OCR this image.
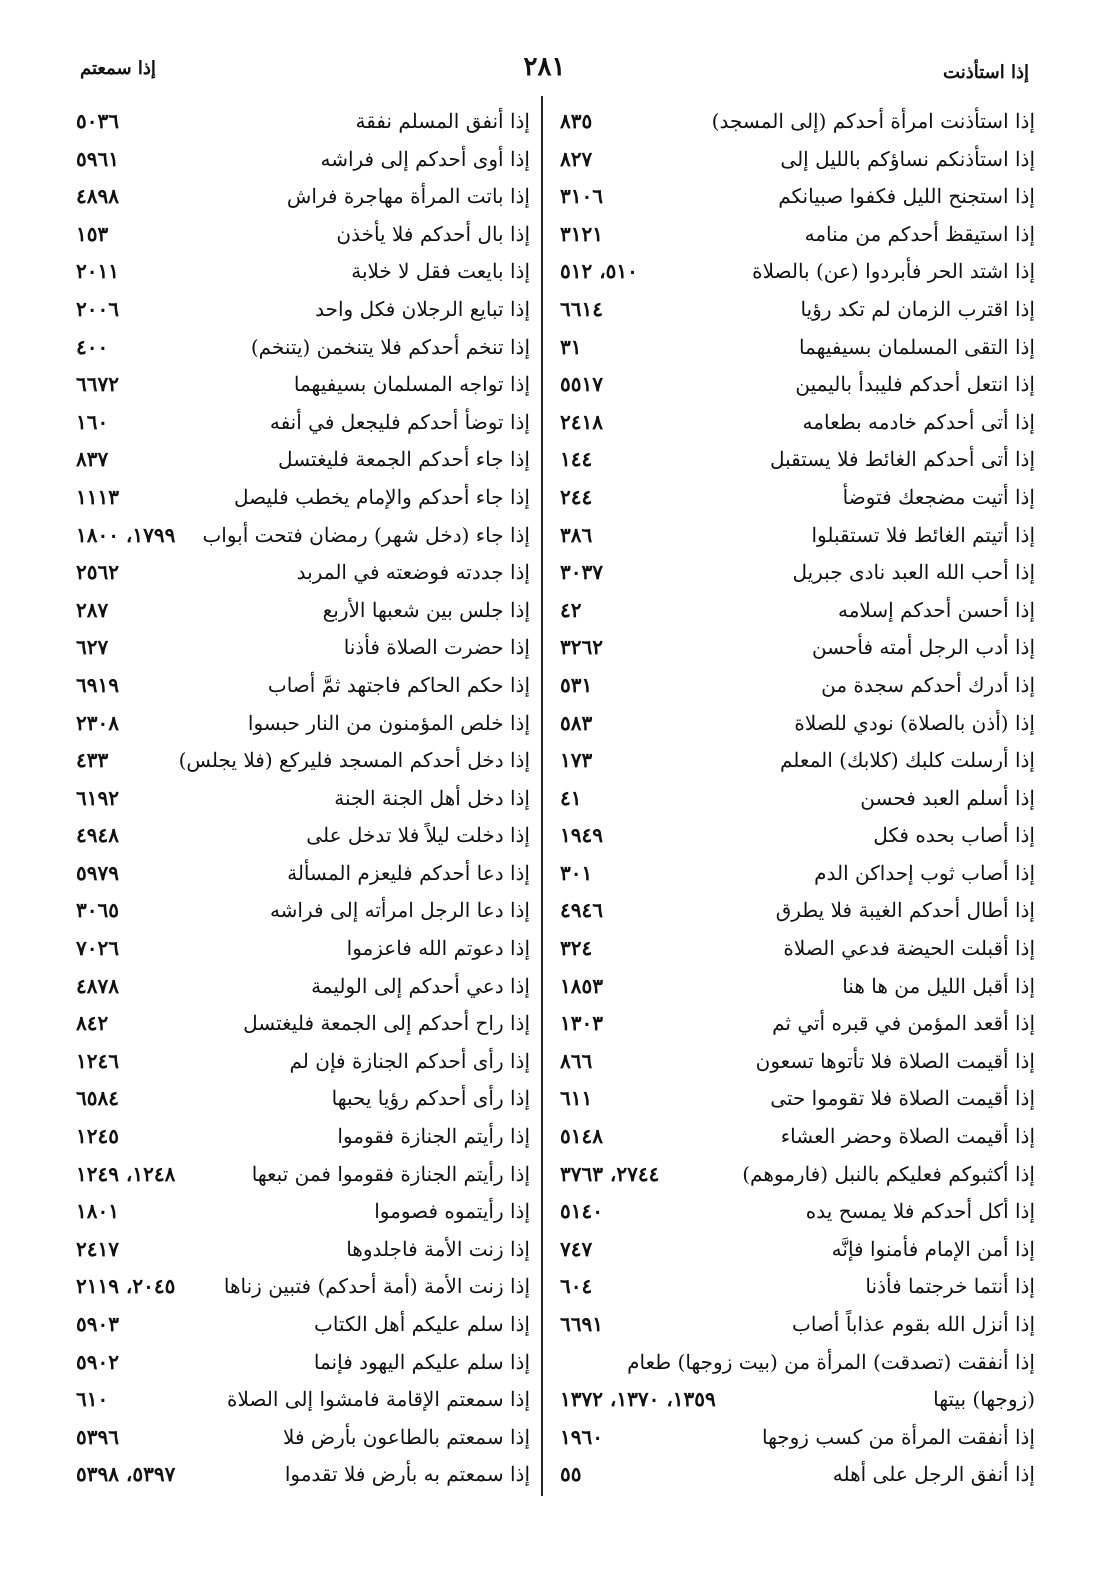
إذا استأذنت
٢٨١
إذا سمعتم
إذا استأذنت امرأة أحدكم (إلى المسجد)
٨٣٥
إذا استأذنكم نساؤكم بالليل إلى
٨٢٧
إذا استجنح الليل فكفوا صبيانكم
٣١٠٦
إذا استيقظ أحدكم من منامه
٣١٢١
إذا اشتد الحر فأبردوا (عن) بالصلاة
٥١٠، ٥١٢
إذا اقترب الزمان لم تكد رؤيا
٦٦١٤
إذا التقى المسلمان بسيفيهما
٣١
إذا انتعل أحدكم فليبدأ باليمين
٥٥١٧
إذا أتى أحدكم خادمه بطعامه
٢٤١٨
إذا أتى أحدكم الغائط فلا يستقبل
١٤٤
إذا أتيت مضجعك فتوضأ
٢٤٤
إذا أتيتم الغائط فلا تستقبلوا
٣٨٦
إذا أحب الله العبد نادى جبريل
٣٠٣٧
إذا أحسن أحدكم إسلامه
٤٢
إذا أدب الرجل أمته فأحسن
٣٢٦٢
إذا أدرك أحدكم سجدة من
٥٣١
إذا (أذن بالصلاة) نودي للصلاة
٥٨٣
إذا أرسلت كلبك (كلابك) المعلم
١٧٣
إذا أسلم العبد فحسن
٤١
إذا أصاب بحده فكل
١٩٤٩
إذا أصاب ثوب إحداكن الدم
٣٠١
إذا أطال أحدكم الغيبة فلا يطرق
٤٩٤٦
إذا أقبلت الحيضة فدعي الصلاة
٣٢٤
إذا أقبل الليل من ها هنا
١٨٥٣
إذا أقعد المؤمن في قبره أتي ثم
١٣٠٣
إذا أقيمت الصلاة فلا تأتوها تسعون
٨٦٦
إذا أقيمت الصلاة فلا تقوموا حتى
٦١١
إذا أقيمت الصلاة وحضر العشاء
٥١٤٨
إذا أكثبوكم فعليكم بالنبل (فارموهم)
٢٧٤٤، ٣٧٦٣
إذا أكل أحدكم فلا يمسح يده
٥١٤٠
إذا أمن الإمام فأمنوا فإنَّه
٧٤٧
إذا أنتما خرجتما فأذنا
٦٠٤
إذا أنزل الله بقوم عذاباً أصاب
٦٦٩١
إذا أنفقت (تصدقت) المرأة من (بيت زوجها) طعام
(زوجها) بيتها
١٣٥٩، ١٣٧٠، ١٣٧٢
إذا أنفقت المرأة من كسب زوجها
١٩٦٠
إذا أنفق الرجل على أهله
٥٥
إذا أنفق المسلم نفقة
٥٠٣٦
إذا أوى أحدكم إلى فراشه
٥٩٦١
إذا باتت المرأة مهاجرة فراش
٤٨٩٨
إذا بال أحدكم فلا يأخذن
١٥٣
إذا بايعت فقل لا خلابة
٢٠١١
إذا تبايع الرجلان فكل واحد
٢٠٠٦
إذا تنخم أحدكم فلا يتنخمن (يتنخم)
٤٠٠
إذا تواجه المسلمان بسيفيهما
٦٦٧٢
إذا توضأ أحدكم فليجعل في أنفه
١٦٠
إذا جاء أحدكم الجمعة فليغتسل
٨٣٧
إذا جاء أحدكم والإمام يخطب فليصل
١١١٣
إذا جاء (دخل شهر) رمضان فتحت أبواب
١٧٩٩، ١٨٠٠
إذا جددته فوضعته في المربد
٢٥٦٢
إذا جلس بين شعبها الأربع
٢٨٧
إذا حضرت الصلاة فأذنا
٦٢٧
إذا حكم الحاكم فاجتهد ثمَّ أصاب
٦٩١٩
إذا خلص المؤمنون من النار حبسوا
٢٣٠٨
إذا دخل أحدكم المسجد فليركع (فلا يجلس)
٤٣٣
إذا دخل أهل الجنة الجنة
٦١٩٢
إذا دخلت ليلاً فلا تدخل على
٤٩٤٨
إذا دعا أحدكم فليعزم المسألة
٥٩٧٩
إذا دعا الرجل امرأته إلى فراشه
٣٠٦٥
إذا دعوتم الله فاعزموا
٧٠٢٦
إذا دعي أحدكم إلى الوليمة
٤٨٧٨
إذا راح أحدكم إلى الجمعة فليغتسل
٨٤٢
إذا رأى أحدكم الجنازة فإن لم
١٢٤٦
إذا رأى أحدكم رؤيا يحبها
٦٥٨٤
إذا رأيتم الجنازة فقوموا
١٢٤٥
إذا رأيتم الجنازة فقوموا فمن تبعها
١٢٤٨، ١٢٤٩
إذا رأيتموه فصوموا
١٨٠١
إذا زنت الأمة فاجلدوها
٢٤١٧
إذا زنت الأمة (أمة أحدكم) فتبين زناها
٢٠٤٥، ٢١١٩
إذا سلم عليكم أهل الكتاب
٥٩٠٣
إذا سلم عليكم اليهود فإنما
٥٩٠٢
إذا سمعتم الإقامة فامشوا إلى الصلاة
٦١٠
إذا سمعتم بالطاعون بأرض فلا
٥٣٩٦
إذا سمعتم به بأرض فلا تقدموا
٥٣٩٧، ٥٣٩٨
